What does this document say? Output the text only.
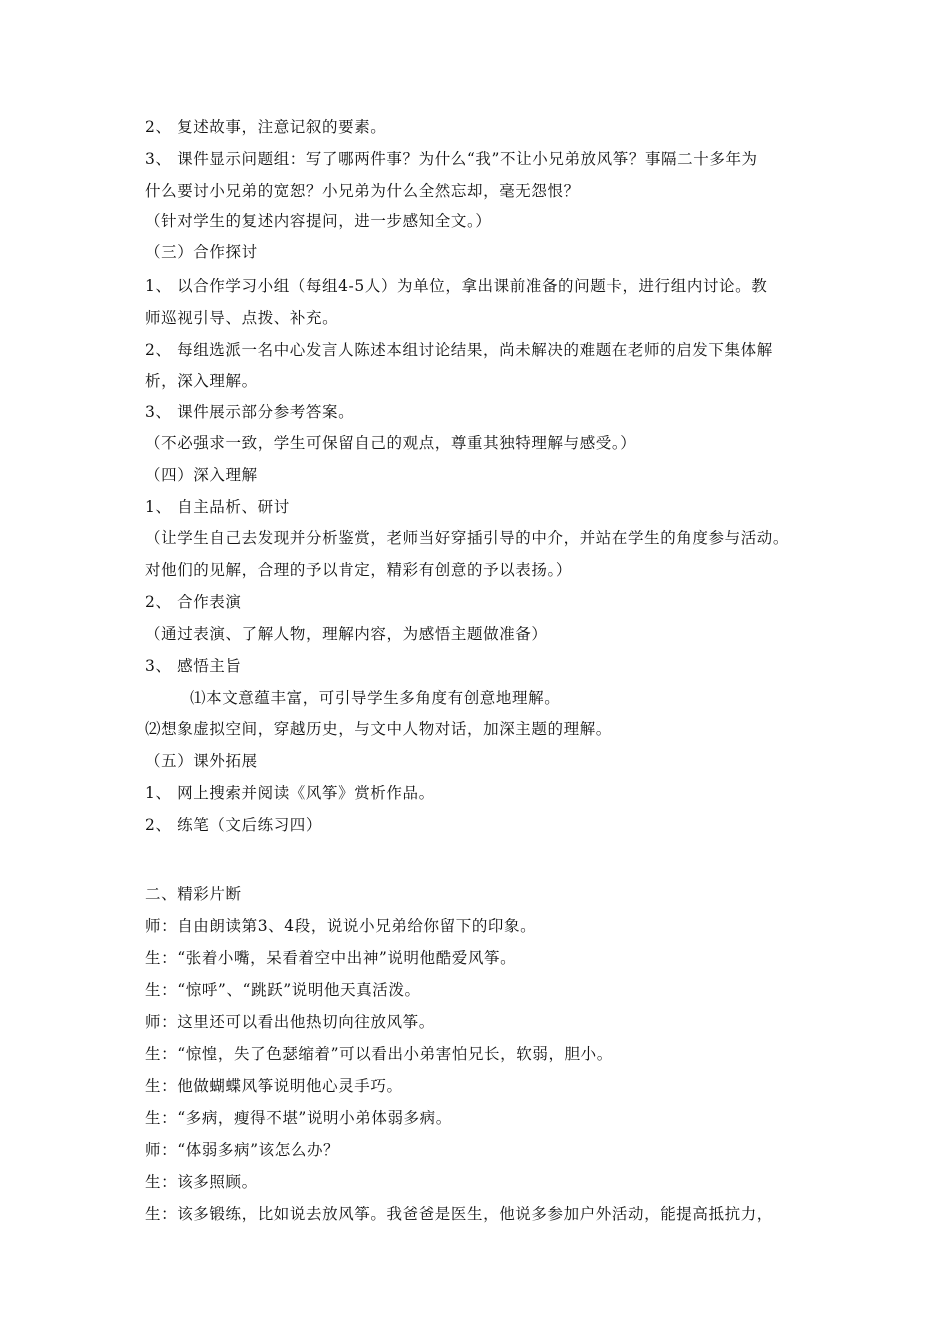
2、 复述故事，注意记叙的要素。
3、 课件显示问题组：写了哪两件事？为什么“我”不让小兄弟放风筝？事隔二十多年为
什么要讨小兄弟的宽恕？小兄弟为什么全然忘却，毫无怨恨？
（针对学生的复述内容提问，进一步感知全文。）
（三）合作探讨
1、 以合作学习小组（每组4-5人）为单位，拿出课前准备的问题卡，进行组内讨论。教
师巡视引导、点拨、补充。
2、 每组选派一名中心发言人陈述本组讨论结果，尚未解决的难题在老师的启发下集体解
析，深入理解。
3、 课件展示部分参考答案。
（不必强求一致，学生可保留自己的观点，尊重其独特理解与感受。）
（四）深入理解
1、 自主品析、研讨
（让学生自己去发现并分析鉴赏，老师当好穿插引导的中介，并站在学生的角度参与活动。
对他们的见解，合理的予以肯定，精彩有创意的予以表扬。）
2、 合作表演
（通过表演、了解人物，理解内容，为感悟主题做准备）
3、 感悟主旨
⑴本文意蕴丰富，可引导学生多角度有创意地理解。
⑵想象虚拟空间，穿越历史，与文中人物对话，加深主题的理解。
（五）课外拓展
1、 网上搜索并阅读《风筝》赏析作品。
2、 练笔（文后练习四）
二、精彩片断
师：自由朗读第3、4段，说说小兄弟给你留下的印象。
生：“张着小嘴，呆看着空中出神”说明他酷爱风筝。
生：“惊呼”、“跳跃”说明他天真活泼。
师：这里还可以看出他热切向往放风筝。
生：“惊惶，失了色瑟缩着”可以看出小弟害怕兄长，软弱，胆小。
生：他做蝴蝶风筝说明他心灵手巧。
生：“多病，瘦得不堪”说明小弟体弱多病。
师：“体弱多病”该怎么办？
生：该多照顾。
生：该多锻练，比如说去放风筝。我爸爸是医生，他说多参加户外活动，能提高抵抗力，
